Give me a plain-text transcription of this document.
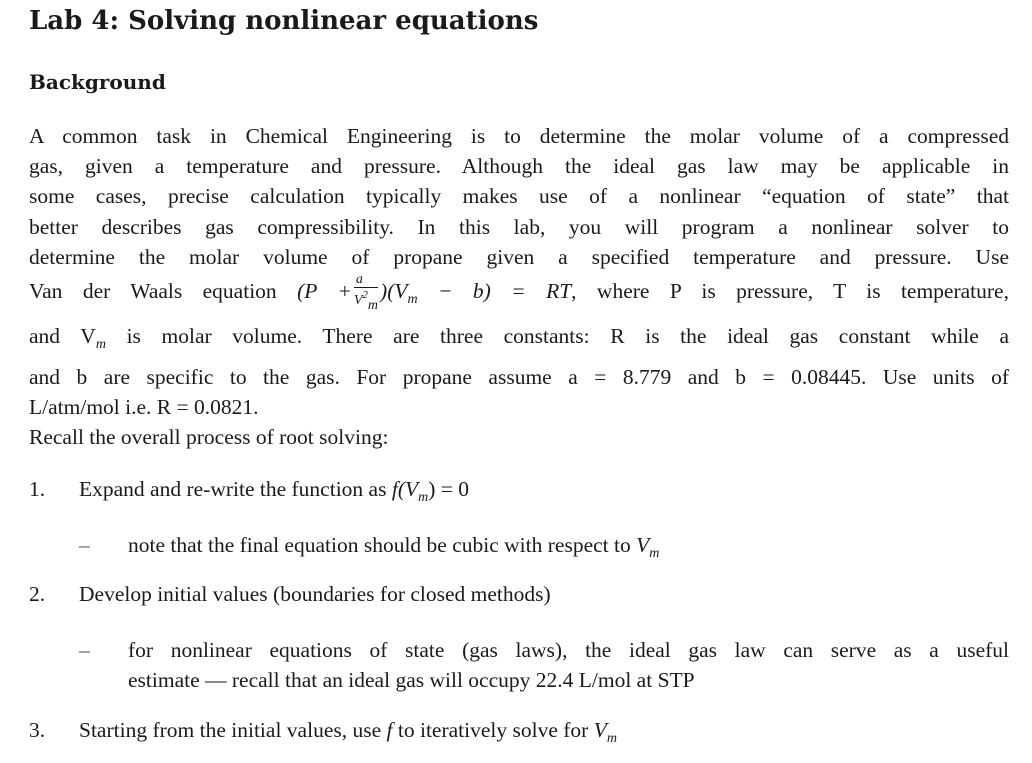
Lab 4: Solving nonlinear equations
Background
A common task in Chemical Engineering is to determine the molar volume of a compressed
gas, given a temperature and pressure. Although the ideal gas law may be applicable in
some cases, precise calculation typically makes use of a nonlinear “equation of state” that
better describes gas compressibility. In this lab, you will program a nonlinear solver to
determine the molar volume of propane given a specified temperature and pressure. Use
Van der Waals equation $(P + \frac{a}{V^2m} )(V_m - b)$ = RT, where P is pressure, T is temperature,
and $V_m$ is molar volume. There are three constants: R is the ideal gas constant while a
and b are specific to the gas. For propane assume a = 8.779 and b = 0.08445. Use units of
L/atm/mol i.e. R = 0.0821.

Recall the overall process of root solving:

1. Expand and re-write the function as $f(V_m) = 0$
– note that the final equation should be cubic with respect to $V_m$
2. Develop initial values (boundaries for closed methods)
– for nonlinear equations of state (gas laws), the ideal gas law can serve as a useful
estimate — recall that an ideal gas will occupy 22.4 L/mol at STP
3. Starting from the initial values, use f to iteratively solve for $V_m$
